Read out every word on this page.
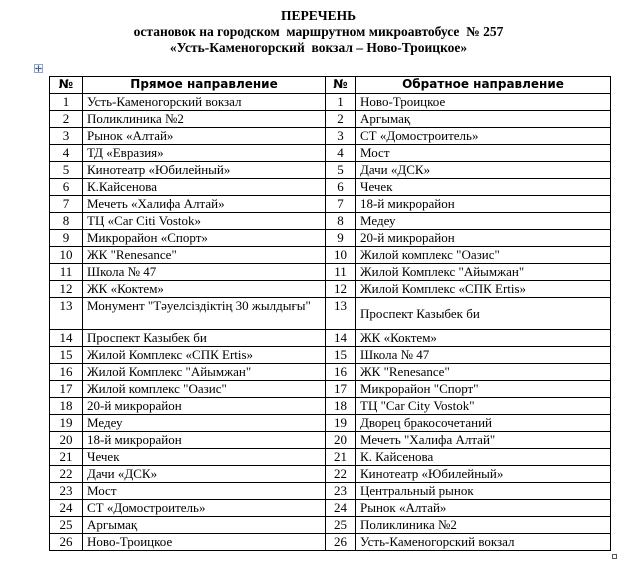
ПЕРЕЧЕНЬ
остановок на городском  маршрутном микроавтобусе  № 257
«Усть-Каменогорский  вокзал – Ново-Троицкое»
№	Прямое направление	№	Обратное направление
1	Усть-Каменогорский вокзал	1	Ново-Троицкое
2	Поликлиника №2	2	Аргымақ
3	Рынок «Алтай»	3	СТ «Домостроитель»
4	ТД «Евразия»	4	Мост
5	Кинотеатр «Юбилейный»	5	Дачи «ДСК»
6	К.Кайсенова	6	Чечек
7	Мечеть «Халифа Алтай»	7	18-й микрорайон
8	ТЦ «Car Citi Vostok»	8	Медеу
9	Микрорайон «Спорт»	9	20-й микрорайон
10	ЖК "Renesance"	10	Жилой комплекс "Оазис"
11	Школа № 47	11	Жилой Комплекс "Айымжан"
12	ЖК «Коктем»	12	Жилой Комплекс «СПК Ertis»
13	Монумент "Тәуелсіздіктің 30 жылдығы"	13	Проспект Казыбек би
14	Проспект Казыбек би	14	ЖК «Коктем»
15	Жилой Комплекс «СПК Ertis»	15	Школа № 47
16	Жилой Комплекс "Айымжан"	16	ЖК "Renesance"
17	Жилой комплекс "Оазис"	17	Микрорайон "Спорт"
18	20-й микрорайон	18	ТЦ "Car City Vostok"
19	Медеу	19	Дворец бракосочетаний
20	18-й микрорайон	20	Мечеть "Халифа Алтай"
21	Чечек	21	К. Кайсенова
22	Дачи «ДСК»	22	Кинотеатр «Юбилейный»
23	Мост	23	Центральный рынок
24	СТ «Домостроитель»	24	Рынок «Алтай»
25	Аргымақ	25	Поликлиника №2
26	Ново-Троицкое	26	Усть-Каменогорский вокзал
